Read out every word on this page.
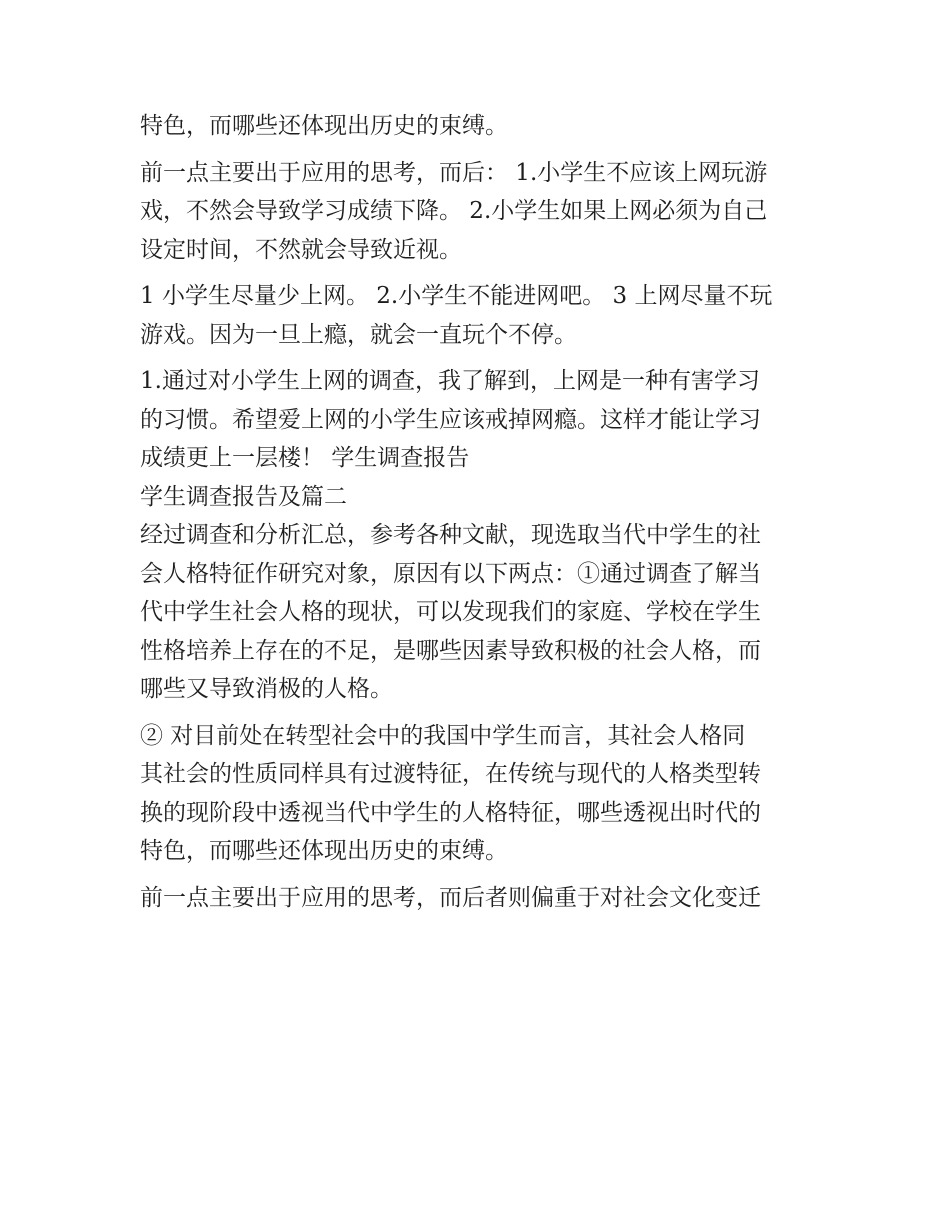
特色，而哪些还体现出历史的束缚。

前一点主要出于应用的思考，而后： 1.小学生不应该上网玩游

戏，不然会导致学习成绩下降。 2.小学生如果上网必须为自己

设定时间，不然就会导致近视。

1 小学生尽量少上网。 2.小学生不能进网吧。 3 上网尽量不玩

游戏。因为一旦上瘾，就会一直玩个不停。

1.通过对小学生上网的调查，我了解到，上网是一种有害学习

的习惯。希望爱上网的小学生应该戒掉网瘾。这样才能让学习

成绩更上一层楼！ 学生调查报告

学生调查报告及篇二

经过调查和分析汇总，参考各种文献，现选取当代中学生的社

会人格特征作研究对象，原因有以下两点：①通过调查了解当

代中学生社会人格的现状，可以发现我们的家庭、学校在学生

性格培养上存在的不足，是哪些因素导致积极的社会人格，而

哪些又导致消极的人格。

② 对目前处在转型社会中的我国中学生而言，其社会人格同

其社会的性质同样具有过渡特征，在传统与现代的人格类型转

换的现阶段中透视当代中学生的人格特征，哪些透视出时代的

特色，而哪些还体现出历史的束缚。

前一点主要出于应用的思考，而后者则偏重于对社会文化变迁
